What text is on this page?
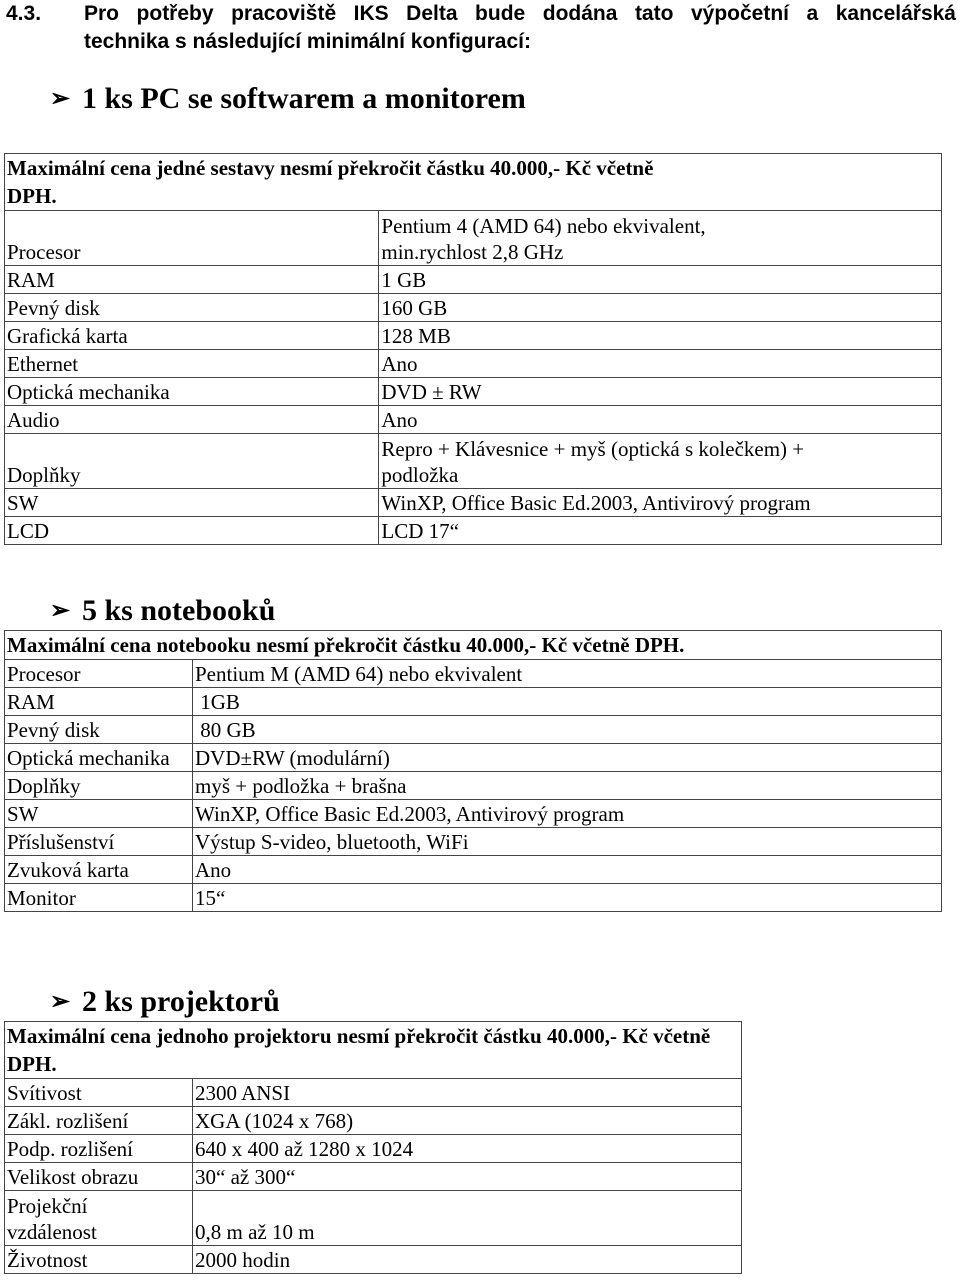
4.3. Pro potřeby pracoviště IKS Delta bude dodána tato výpočetní a kancelářská
technika s následující minimální konfigurací:
➢ 1 ks PC se softwarem a monitorem
Maximální cena jedné sestavy nesmí překročit částku 40.000,- Kč včetně DPH.	

Procesor	Pentium 4 (AMD 64) nebo ekvivalent, min.rychlost 2,8 GHz

RAM	1 GB
Pevný disk	160 GB
Grafická karta	128 MB
Ethernet	Ano
Optická mechanika	DVD ± RW
Audio	Ano
Doplňky	Repro + Klávesnice + myš (optická s kolečkem) + podložka

SW	WinXP, Office Basic Ed.2003, Antivirový program
LCD	LCD 17“
➢ 5 ks notebooků
Maximální cena notebooku nesmí překročit částku 40.000,- Kč včetně DPH.	

Procesor	Pentium M (AMD 64) nebo ekvivalent
RAM	1GB
Pevný disk	80 GB
Optická mechanika	DVD±RW (modulární)
Doplňky	myš + podložka + brašna
SW	WinXP, Office Basic Ed.2003, Antivirový program
Příslušenství	Výstup S-video, bluetooth, WiFi
Zvuková karta	Ano
Monitor	15“
➢ 2 ks projektorů
Maximální cena jednoho projektoru nesmí překročit částku 40.000,- Kč včetně DPH.	

Svítivost	2300 ANSI
Zákl. rozlišení	XGA (1024 x 768)
Podp. rozlišení	640 x 400 až 1280 x 1024
Velikost obrazu	30“ až 300“

Projekční vzdálenost	0,8 m až 10 m
Životnost	2000 hodin
